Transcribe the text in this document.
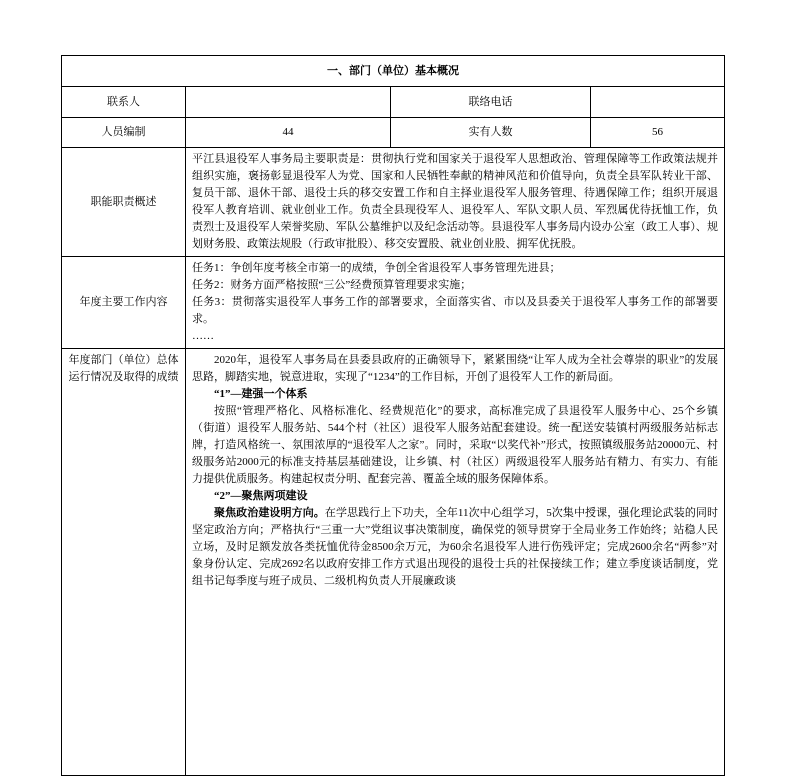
一、部门（单位）基本概况			
联系人		联络电话	
人员编制	44	实有人数	56
职能职责概述	平江县退役军人事务局主要职责是：贯彻执行党和国家关于退役军人思想政治、管理保障等工作政策法规并组织实施，褒扬彰显退役军人为党、国家和人民牺牲奉献的精神风范和价值导向，负责全县军队转业干部、复员干部、退休干部、退役士兵的移交安置工作和自主择业退役军人服务管理、待遇保障工作；组织开展退役军人教育培训、就业创业工作。负责全县现役军人、退役军人、军队文职人员、军烈属优待抚恤工作，负责烈士及退役军人荣誉奖励、军队公墓维护以及纪念活动等。县退役军人事务局内设办公室（政工人事）、规划财务股、政策法规股（行政审批股）、移交安置股、就业创业股、拥军优抚股。		

年度主要工作内容	任务1：争创年度考核全市第一的成绩，争创全省退役军人事务管理先进县；

任务2：财务方面严格按照“三公”经费预算管理要求实施；

任务3：贯彻落实退役军人事务工作的部署要求，全面落实省、市以及县委关于退役军人事务工作的部署要求。

……		

年度部门（单位）总体运行情况及取得的成绩	2020年，退役军人事务局在县委县政府的正确领导下，紧紧围绕“让军人成为全社会尊崇的职业”的发展思路，脚踏实地，锐意进取，实现了“1234”的工作目标，开创了退役军人工作的新局面。

“1”—建强一个体系

按照“管理严格化、风格标准化、经费规范化”的要求，高标准完成了县退役军人服务中心、25个乡镇（街道）退役军人服务站、544个村（社区）退役军人服务站配套建设。统一配送安装镇村两级服务站标志牌，打造风格统一、氛围浓厚的“退役军人之家”。同时，采取“以奖代补”形式，按照镇级服务站20000元、村级服务站2000元的标准支持基层基础建设，让乡镇、村（社区）两级退役军人服务站有精力、有实力、有能力提供优质服务。构建起权责分明、配套完善、覆盖全域的服务保障体系。

“2”—聚焦两项建设

聚焦政治建设明方向。在学思践行上下功夫，全年11次中心组学习，5次集中授课，强化理论武装的同时坚定政治方向；严格执行“三重一大”党组议事决策制度，确保党的领导贯穿于全局业务工作始终；站稳人民立场，及时足额发放各类抚恤优待金8500余万元，为60余名退役军人进行伤残评定；完成2600余名“两参”对象身份认定、完成2692名以政府安排工作方式退出现役的退役士兵的社保接续工作；建立季度谈话制度，党组书记每季度与班子成员、二级机构负责人开展廉政谈		
